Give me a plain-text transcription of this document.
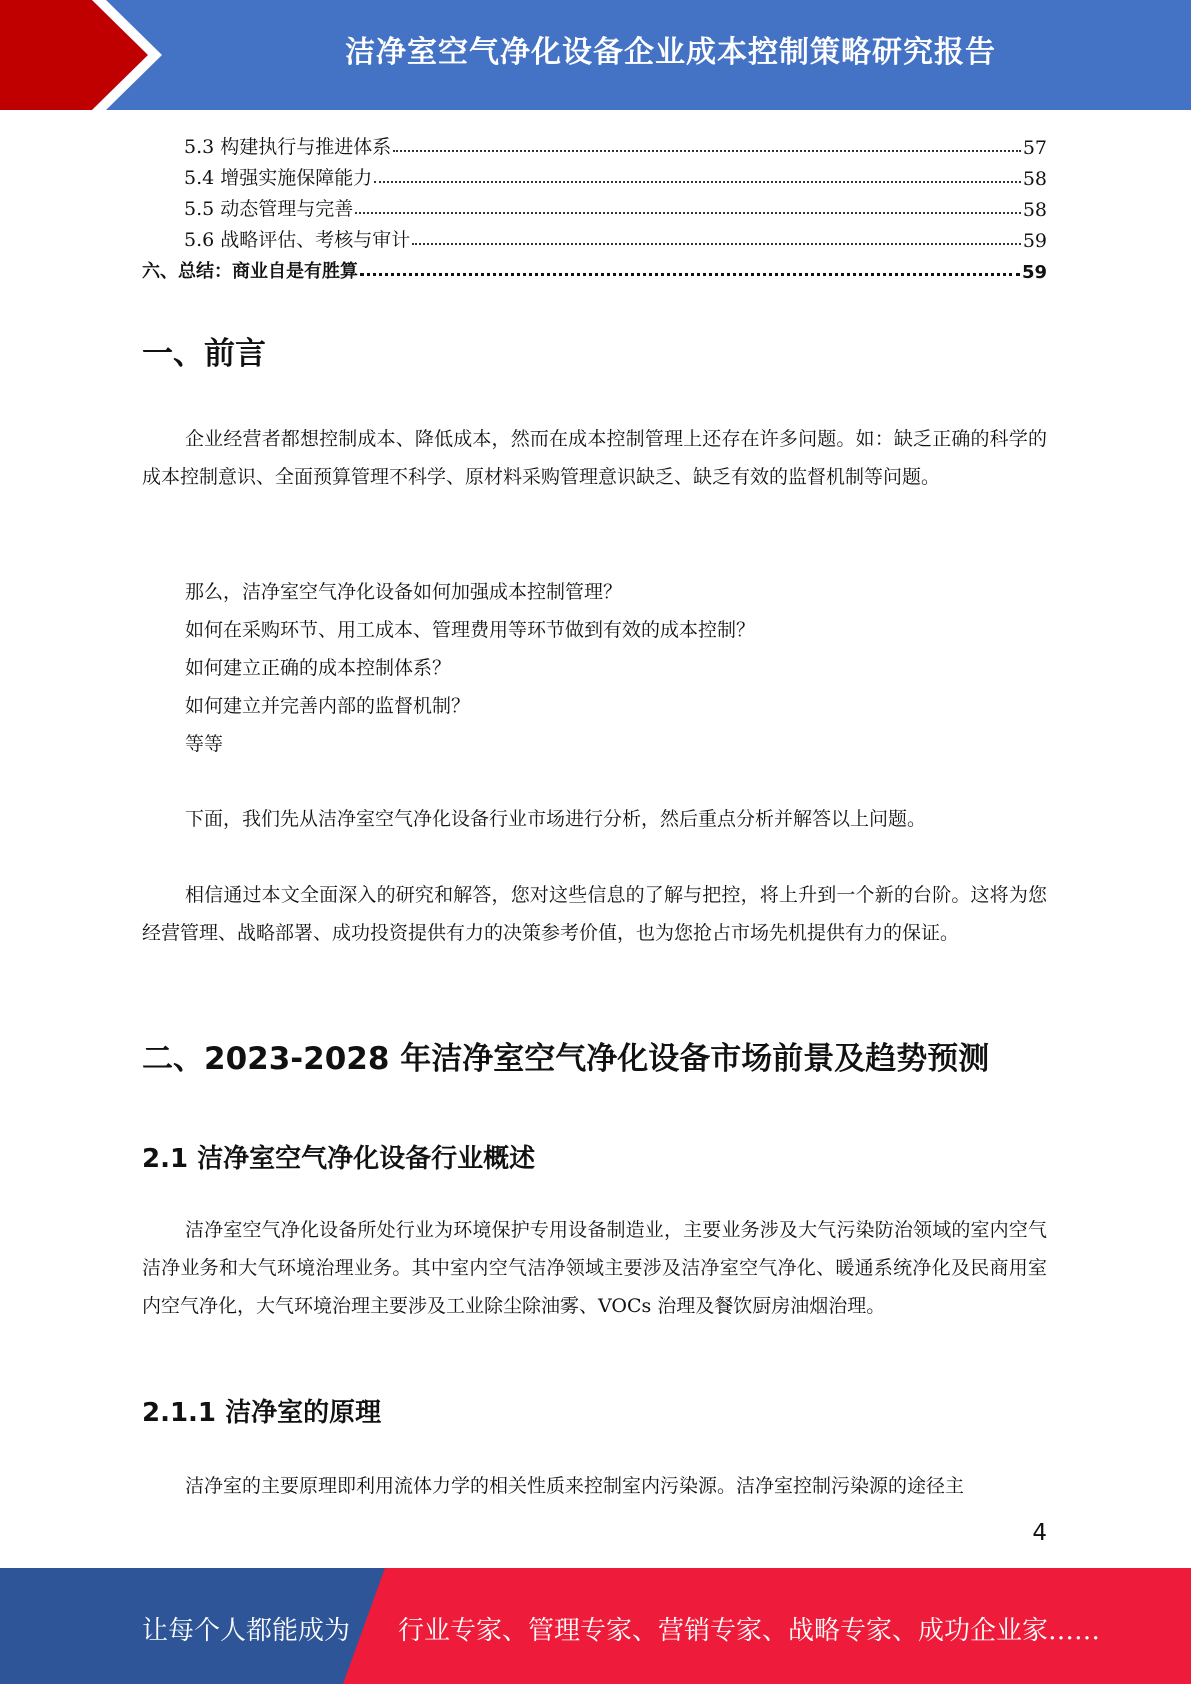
洁净室空气净化设备企业成本控制策略研究报告
5.3 构建执行与推进体系	57
5.4 增强实施保障能力	58
5.5 动态管理与完善	58
5.6 战略评估、考核与审计	59
六、总结：商业自是有胜算	59
一、前言

企业经营者都想控制成本、降低成本，然而在成本控制管理上还存在许多问题。如：缺乏正确的科学的成本控制意识、全面预算管理不科学、原材料采购管理意识缺乏、缺乏有效的监督机制等问题。

那么，洁净室空气净化设备如何加强成本控制管理？
如何在采购环节、用工成本、管理费用等环节做到有效的成本控制？
如何建立正确的成本控制体系？
如何建立并完善内部的监督机制？
等等

下面，我们先从洁净室空气净化设备行业市场进行分析，然后重点分析并解答以上问题。

相信通过本文全面深入的研究和解答，您对这些信息的了解与把控，将上升到一个新的台阶。这将为您经营管理、战略部署、成功投资提供有力的决策参考价值，也为您抢占市场先机提供有力的保证。

二、2023-2028 年洁净室空气净化设备市场前景及趋势预测
2.1 洁净室空气净化设备行业概述

洁净室空气净化设备所处行业为环境保护专用设备制造业，主要业务涉及大气污染防治领域的室内空气洁净业务和大气环境治理业务。其中室内空气洁净领域主要涉及洁净室空气净化、暖通系统净化及民商用室内空气净化，大气环境治理主要涉及工业除尘除油雾、VOCs 治理及餐饮厨房油烟治理。

2.1.1 洁净室的原理

洁净室的主要原理即利用流体力学的相关性质来控制室内污染源。洁净室控制污染源的途径主

4
让每个人都能成为 行业专家、管理专家、营销专家、战略专家、成功企业家……
